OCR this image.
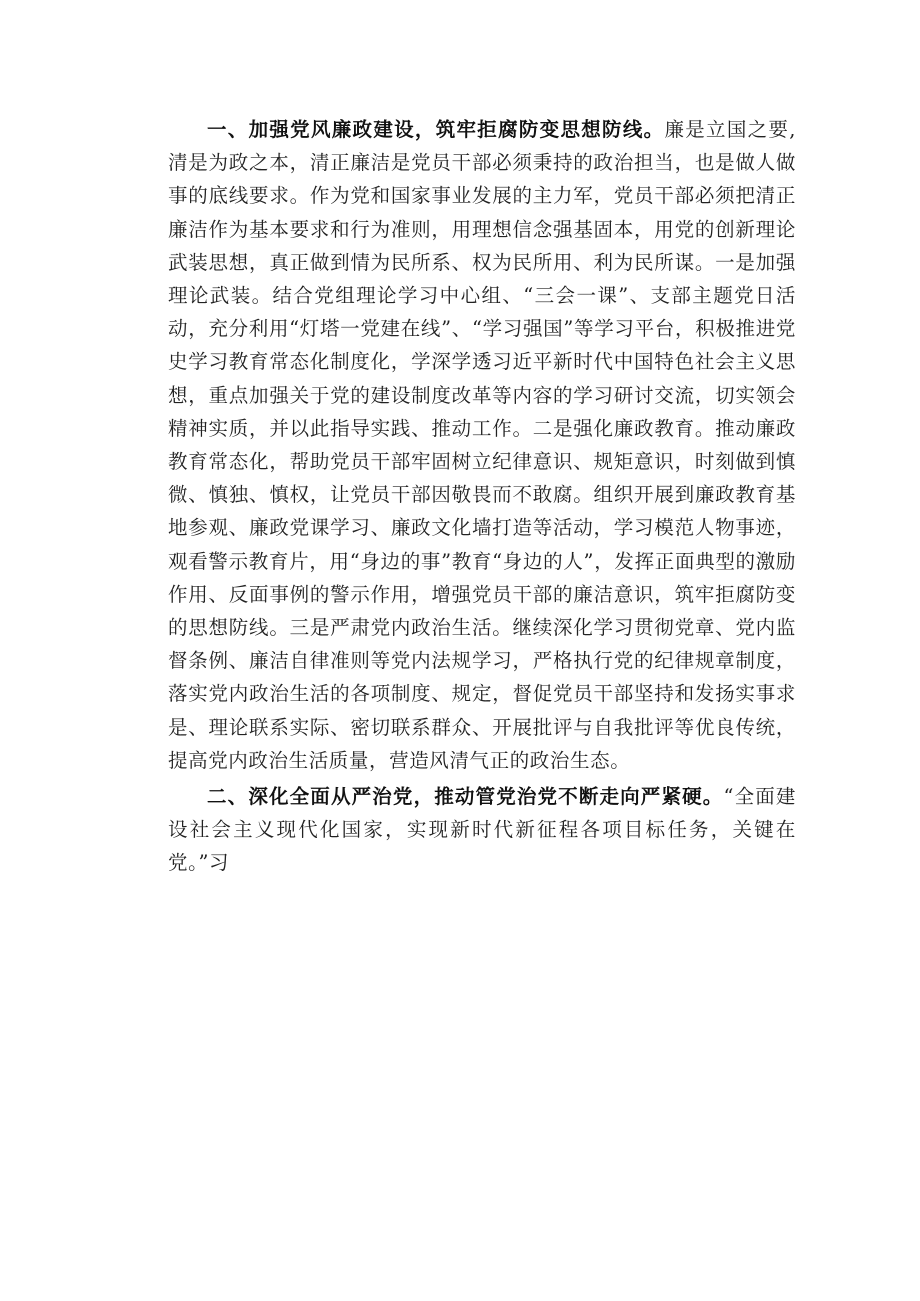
一、加强党风廉政建设，筑牢拒腐防变思想防线。廉是立国之要,清是为政之本，清正廉洁是党员干部必须秉持的政治担当，也是做人做事的底线要求。作为党和国家事业发展的主力军，党员干部必须把清正廉洁作为基本要求和行为准则，用理想信念强基固本，用党的创新理论武装思想，真正做到情为民所系、权为民所用、利为民所谋。一是加强理论武装。结合党组理论学习中心组、“三会一课”、支部主题党日活动，充分利用“灯塔一党建在线”、“学习强国”等学习平台，积极推进党史学习教育常态化制度化，学深学透习近平新时代中国特色社会主义思想，重点加强关于党的建设制度改革等内容的学习研讨交流，切实领会精神实质，并以此指导实践、推动工作。二是强化廉政教育。推动廉政教育常态化，帮助党员干部牢固树立纪律意识、规矩意识，时刻做到慎微、慎独、慎权，让党员干部因敬畏而不敢腐。组织开展到廉政教育基地参观、廉政党课学习、廉政文化墙打造等活动，学习模范人物事迹，观看警示教育片，用“身边的事”教育“身边的人”，发挥正面典型的激励作用、反面事例的警示作用，增强党员干部的廉洁意识，筑牢拒腐防变的思想防线。三是严肃党内政治生活。继续深化学习贯彻党章、党内监督条例、廉洁自律准则等党内法规学习，严格执行党的纪律规章制度，落实党内政治生活的各项制度、规定，督促党员干部坚持和发扬实事求是、理论联系实际、密切联系群众、开展批评与自我批评等优良传统，提高党内政治生活质量，营造风清气正的政治生态。

二、深化全面从严治党，推动管党治党不断走向严紧硬。“全面建设社会主义现代化国家，实现新时代新征程各项目标任务，关键在党。”习
